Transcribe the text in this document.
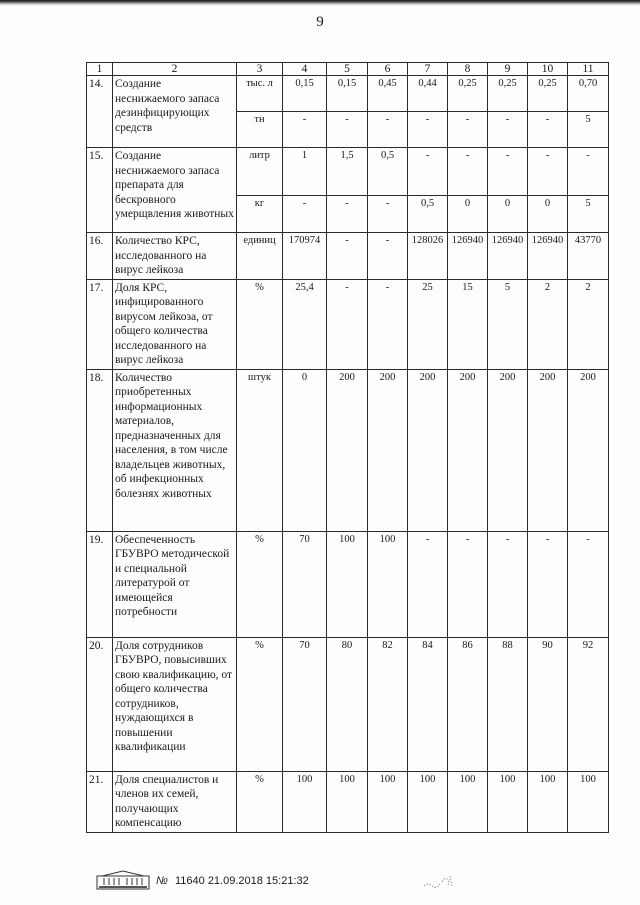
9
1	2	3	4	5	6	7	8	9	10	11
14.	Создание неснижаемого запаса дезинфицирующих средств	тыс. л	0,15	0,15	0,45	0,44	0,25	0,25	0,25	0,70
		тн	-	-	-	-	-	-	-	5
15.	Создание неснижаемого запаса препарата для бескровного умерщвления животных	литр	1	1,5	0,5	-	-	-	-	-
		кг	-	-	-	0,5	0	0	0	5
16.	Количество КРС, исследованного на вирус лейкоза	единиц	170974	-	-	128026	126940	126940	126940	43770
17.	Доля КРС, инфицированного вирусом лейкоза, от общего количества исследованного на вирус лейкоза	%	25,4	-	-	25	15	5	2	2
18.	Количество приобретенных информационных материалов, предназначенных для населения, в том числе владельцев животных, об инфекционных болезнях животных	штук	0	200	200	200	200	200	200	200
19.	Обеспеченность ГБУВРО методической и специальной литературой от имеющейся потребности	%	70	100	100	-	-	-	-	-
20.	Доля сотрудников ГБУВРО, повысивших свою квалификацию, от общего количества сотрудников, нуждающихся в повышении квалификации	%	70	80	82	84	86	88	90	92
21.	Доля специалистов и членов их семей, получающих компенсацию	%	100	100	100	100	100	100	100	100
№ 11640 21.09.2018 15:21:32
